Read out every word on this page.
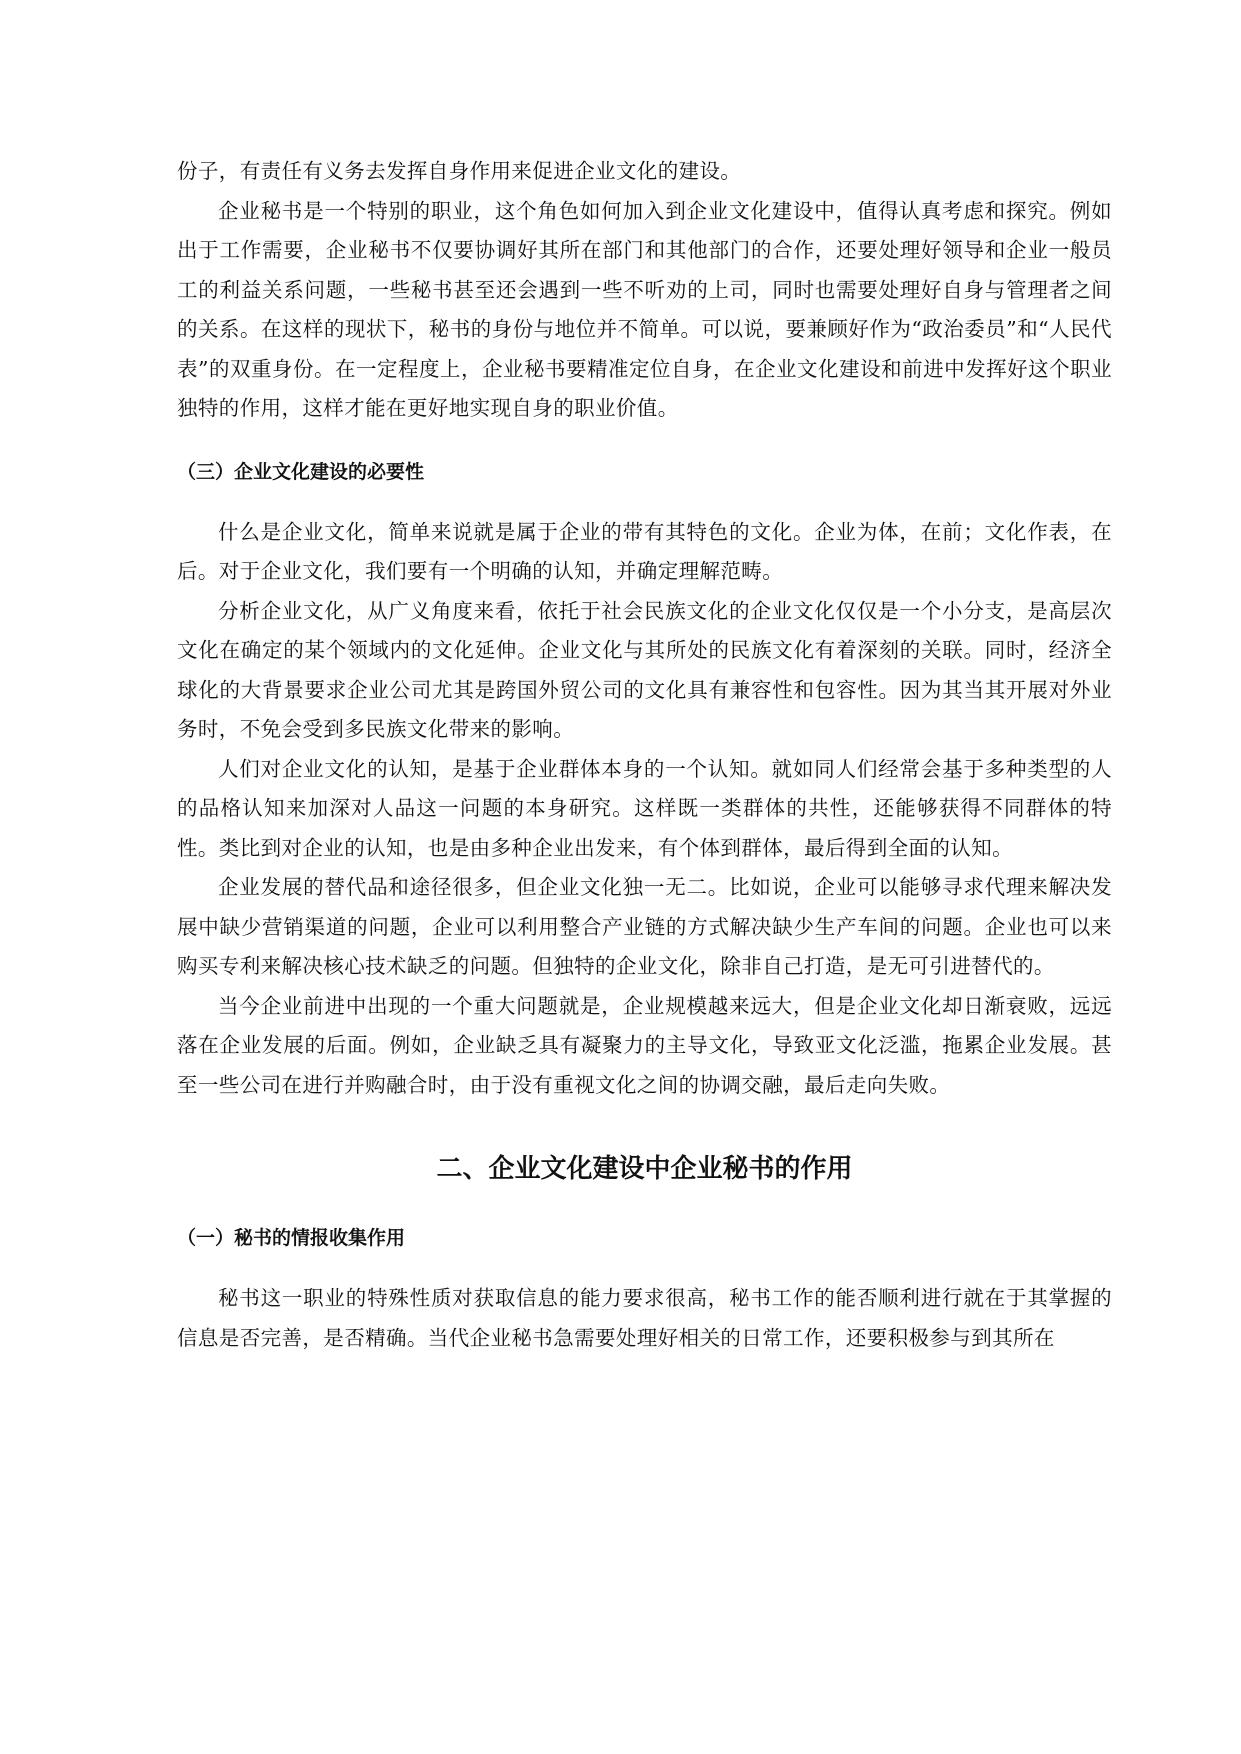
份子，有责任有义务去发挥自身作用来促进企业文化的建设。

企业秘书是一个特别的职业，这个角色如何加入到企业文化建设中，值得认真考虑和探究。例如出于工作需要，企业秘书不仅要协调好其所在部门和其他部门的合作，还要处理好领导和企业一般员工的利益关系问题，一些秘书甚至还会遇到一些不听劝的上司，同时也需要处理好自身与管理者之间的关系。在这样的现状下，秘书的身份与地位并不简单。可以说，要兼顾好作为“政治委员”和“人民代表”的双重身份。在一定程度上，企业秘书要精准定位自身，在企业文化建设和前进中发挥好这个职业独特的作用，这样才能在更好地实现自身的职业价值。

（三）企业文化建设的必要性

什么是企业文化，简单来说就是属于企业的带有其特色的文化。企业为体，在前；文化作表，在后。对于企业文化，我们要有一个明确的认知，并确定理解范畴。

分析企业文化，从广义角度来看，依托于社会民族文化的企业文化仅仅是一个小分支，是高层次文化在确定的某个领域内的文化延伸。企业文化与其所处的民族文化有着深刻的关联。同时，经济全球化的大背景要求企业公司尤其是跨国外贸公司的文化具有兼容性和包容性。因为其当其开展对外业务时，不免会受到多民族文化带来的影响。

人们对企业文化的认知，是基于企业群体本身的一个认知。就如同人们经常会基于多种类型的人的品格认知来加深对人品这一问题的本身研究。这样既一类群体的共性，还能够获得不同群体的特性。类比到对企业的认知，也是由多种企业出发来，有个体到群体，最后得到全面的认知。

企业发展的替代品和途径很多，但企业文化独一无二。比如说，企业可以能够寻求代理来解决发展中缺少营销渠道的问题，企业可以利用整合产业链的方式解决缺少生产车间的问题。企业也可以来购买专利来解决核心技术缺乏的问题。但独特的企业文化，除非自己打造，是无可引进替代的。

当今企业前进中出现的一个重大问题就是，企业规模越来远大，但是企业文化却日渐衰败，远远落在企业发展的后面。例如，企业缺乏具有凝聚力的主导文化，导致亚文化泛滥，拖累企业发展。甚至一些公司在进行并购融合时，由于没有重视文化之间的协调交融，最后走向失败。

二、企业文化建设中企业秘书的作用
（一）秘书的情报收集作用

秘书这一职业的特殊性质对获取信息的能力要求很高，秘书工作的能否顺利进行就在于其掌握的信息是否完善，是否精确。当代企业秘书急需要处理好相关的日常工作，还要积极参与到其所在
